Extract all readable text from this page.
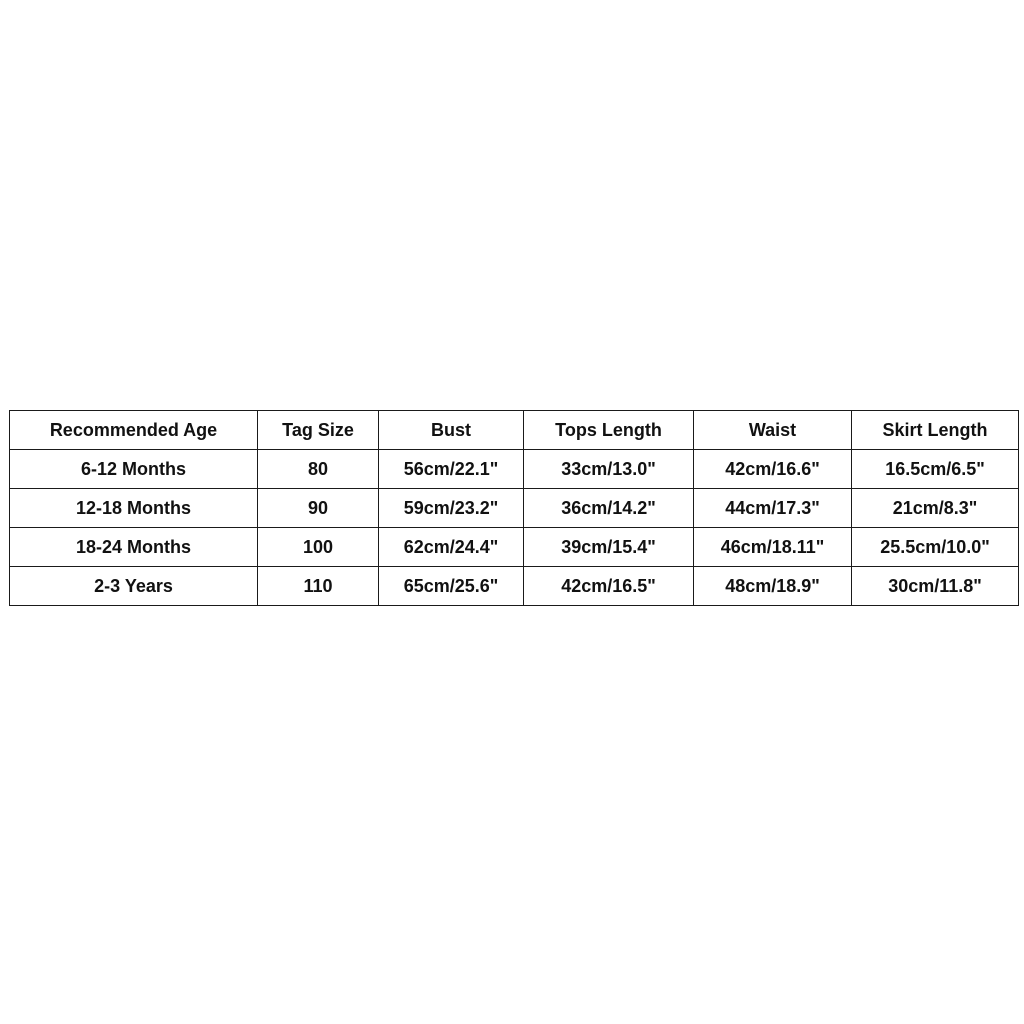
Recommended Age	Tag Size	Bust	Tops Length	Waist	Skirt Length
6-12 Months	80	56cm/22.1"	33cm/13.0"	42cm/16.6"	16.5cm/6.5"
12-18 Months	90	59cm/23.2"	36cm/14.2"	44cm/17.3"	21cm/8.3"
18-24 Months	100	62cm/24.4"	39cm/15.4"	46cm/18.11"	25.5cm/10.0"
2-3 Years	110	65cm/25.6"	42cm/16.5"	48cm/18.9"	30cm/11.8"
